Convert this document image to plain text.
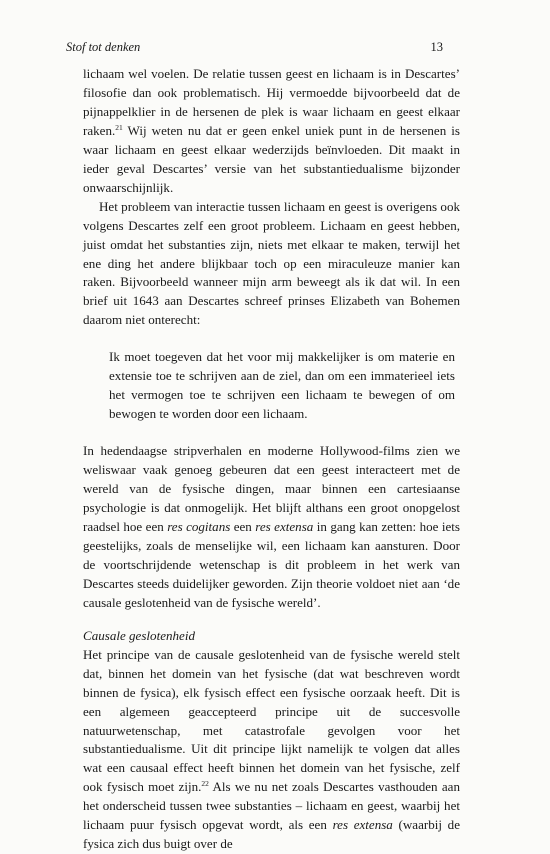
Stof tot denken	13

lichaam wel voelen. De relatie tussen geest en lichaam is in Descartes’ filosofie dan ook problematisch. Hij vermoedde bijvoorbeeld dat de pijnappelklier in de hersenen de plek is waar lichaam en geest elkaar raken.$^{21}$ Wij weten nu dat er geen enkel uniek punt in de hersenen is waar lichaam en geest elkaar wederzijds beïnvloeden. Dit maakt in ieder geval Descartes’ versie van het substantiedualisme bijzonder onwaarschijnlijk.

Het probleem van interactie tussen lichaam en geest is overigens ook volgens Descartes zelf een groot probleem. Lichaam en geest hebben, juist omdat het substanties zijn, niets met elkaar te maken, terwijl het ene ding het andere blijkbaar toch op een miraculeuze manier kan raken. Bijvoorbeeld wanneer mijn arm beweegt als ik dat wil. In een brief uit 1643 aan Descartes schreef prinses Elizabeth van Bohemen daarom niet onterecht:

Ik moet toegeven dat het voor mij makkelijker is om materie en extensie toe te schrijven aan de ziel, dan om een immaterieel iets het vermogen toe te schrijven een lichaam te bewegen of om bewogen te worden door een lichaam.

In hedendaagse stripverhalen en moderne Hollywood-films zien we weliswaar vaak genoeg gebeuren dat een geest interacteert met de wereld van de fysische dingen, maar binnen een cartesiaanse psychologie is dat onmogelijk. Het blijft althans een groot onopgelost raadsel hoe een res cogitans een res extensa in gang kan zetten: hoe iets geestelijks, zoals de menselijke wil, een lichaam kan aansturen. Door de voortschrijdende wetenschap is dit probleem in het werk van Descartes steeds duidelijker geworden. Zijn theorie voldoet niet aan ‘de causale geslotenheid van de fysische wereld’.

Causale geslotenheid

Het principe van de causale geslotenheid van de fysische wereld stelt dat, binnen het domein van het fysische (dat wat beschreven wordt binnen de fysica), elk fysisch effect een fysische oorzaak heeft. Dit is een algemeen geaccepteerd principe uit de succesvolle natuurwetenschap, met catastrofale gevolgen voor het substantiedualisme. Uit dit principe lijkt namelijk te volgen dat alles wat een causaal effect heeft binnen het domein van het fysische, zelf ook fysisch moet zijn.$^{22}$ Als we nu net zoals Descartes vasthouden aan het onderscheid tussen twee substanties – lichaam en geest, waarbij het lichaam puur fysisch opgevat wordt, als een res extensa (waarbij de fysica zich dus buigt over de
